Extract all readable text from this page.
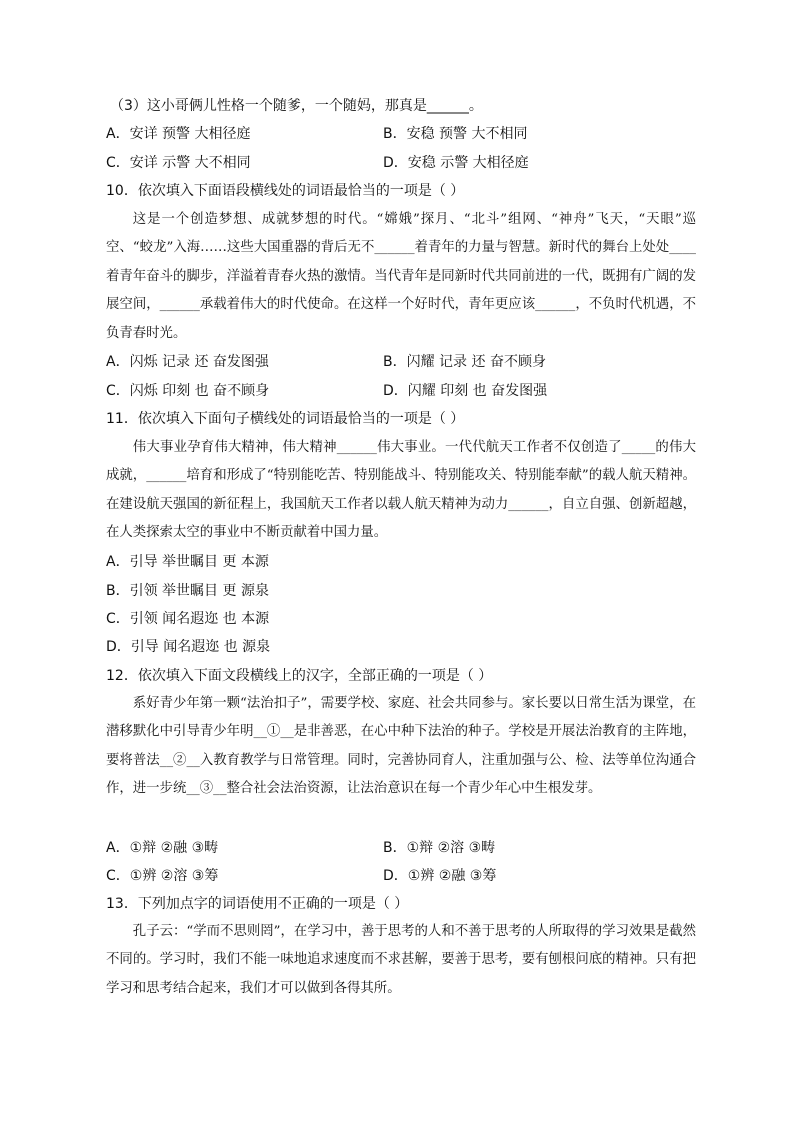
（3）这小哥俩儿性格一个随爹，一个随妈，那真是______。
A．安详 预警 大相径庭	B．安稳 预警 大不相同
C．安详 示警 大不相同	D．安稳 示警 大相径庭
10．依次填入下面语段横线处的词语最恰当的一项是（ ）
这是一个创造梦想、成就梦想的时代。“嫦娥”探月、“北斗”组网、“神舟”飞天，“天眼”巡空、“蛟龙”入海……这些大国重器的背后无不______着青年的力量与智慧。新时代的舞台上处处____着青年奋斗的脚步，洋溢着青春火热的激情。当代青年是同新时代共同前进的一代，既拥有广阔的发展空间，______承载着伟大的时代使命。在这样一个好时代，青年更应该______，不负时代机遇，不负青春时光。
A．闪烁 记录 还 奋发图强	B．闪耀 记录 还 奋不顾身
C．闪烁 印刻 也 奋不顾身	D．闪耀 印刻 也 奋发图强
11．依次填入下面句子横线处的词语最恰当的一项是（ ）
伟大事业孕育伟大精神，伟大精神______伟大事业。一代代航天工作者不仅创造了_____的伟大成就，______培育和形成了“特别能吃苦、特别能战斗、特别能攻关、特别能奉献”的载人航天精神。在建设航天强国的新征程上，我国航天工作者以载人航天精神为动力______，自立自强、创新超越，在人类探索太空的事业中不断贡献着中国力量。
A．引导 举世瞩目 更 本源
B．引领 举世瞩目 更 源泉
C．引领 闻名遐迩 也 本源
D．引导 闻名遐迩 也 源泉
12．依次填入下面文段横线上的汉字，全部正确的一项是（ ）
系好青少年第一颗“法治扣子”，需要学校、家庭、社会共同参与。家长要以日常生活为课堂，在潜移默化中引导青少年明__①__是非善恶，在心中种下法治的种子。学校是开展法治教育的主阵地，要将普法__②__入教育教学与日常管理。同时，完善协同育人，注重加强与公、检、法等单位沟通合作，进一步统__③__整合社会法治资源，让法治意识在每一个青少年心中生根发芽。
A．①辩 ②融 ③畴	B．①辩 ②溶 ③畴
C．①辨 ②溶 ③筹	D．①辨 ②融 ③筹
13．下列加点字的词语使用不正确的一项是（ ）
孔子云：“学而不思则罔”，在学习中，善于思考的人和不善于思考的人所取得的学习效果是截然不同的。学习时，我们不能一味地追求速度而不求甚解，要善于思考，要有刨根问底的精神。只有把学习和思考结合起来，我们才可以做到各得其所。
